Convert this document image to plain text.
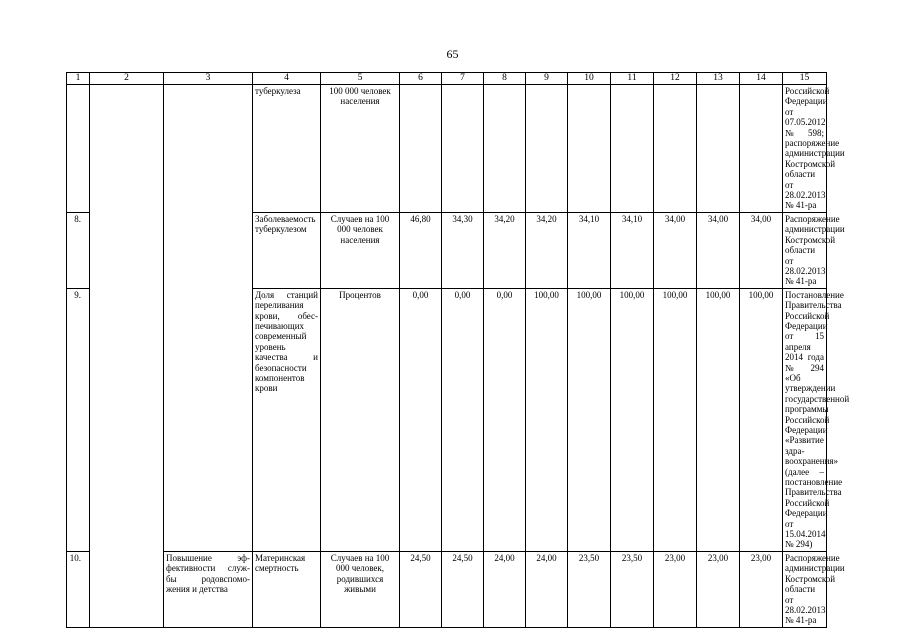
65
1	2	3	4	5	6	7	8	9	10	11	12	13	14	15
			туберкулеза	100 000 человек населения										Российской Федерации от 07.05.2012 № 598; распоряжение администрации Костромской области от 28.02.2013 № 41-ра
8.			Заболеваемость туберкулезом	Случаев на 100 000 человек населения	46,80	34,30	34,20	34,20	34,10	34,10	34,00	34,00	34,00	Распоряжение администрации Костромской области от 28.02.2013 № 41-ра
9.			Доля станций переливания крови, обес-печивающих современный уровень качества и безопасности компонентов крови	Процентов	0,00	0,00	0,00	100,00	100,00	100,00	100,00	100,00	100,00	Постановление Правительства Российской Федерации от 15 апреля 2014 года № 294 «Об утверждении государственной программы Российской Федерации «Развитие здра-воохранения» (далее – постановление Правительства Российской Федерации от 15.04.2014 № 294)
10.		Повышение эф-фективности служ-бы родовспомо-жения и детства	Материнская смертность	Случаев на 100 000 человек, родившихся живыми	24,50	24,50	24,00	24,00	23,50	23,50	23,00	23,00	23,00	Распоряжение администрации Костромской области от 28.02.2013 № 41-ра
